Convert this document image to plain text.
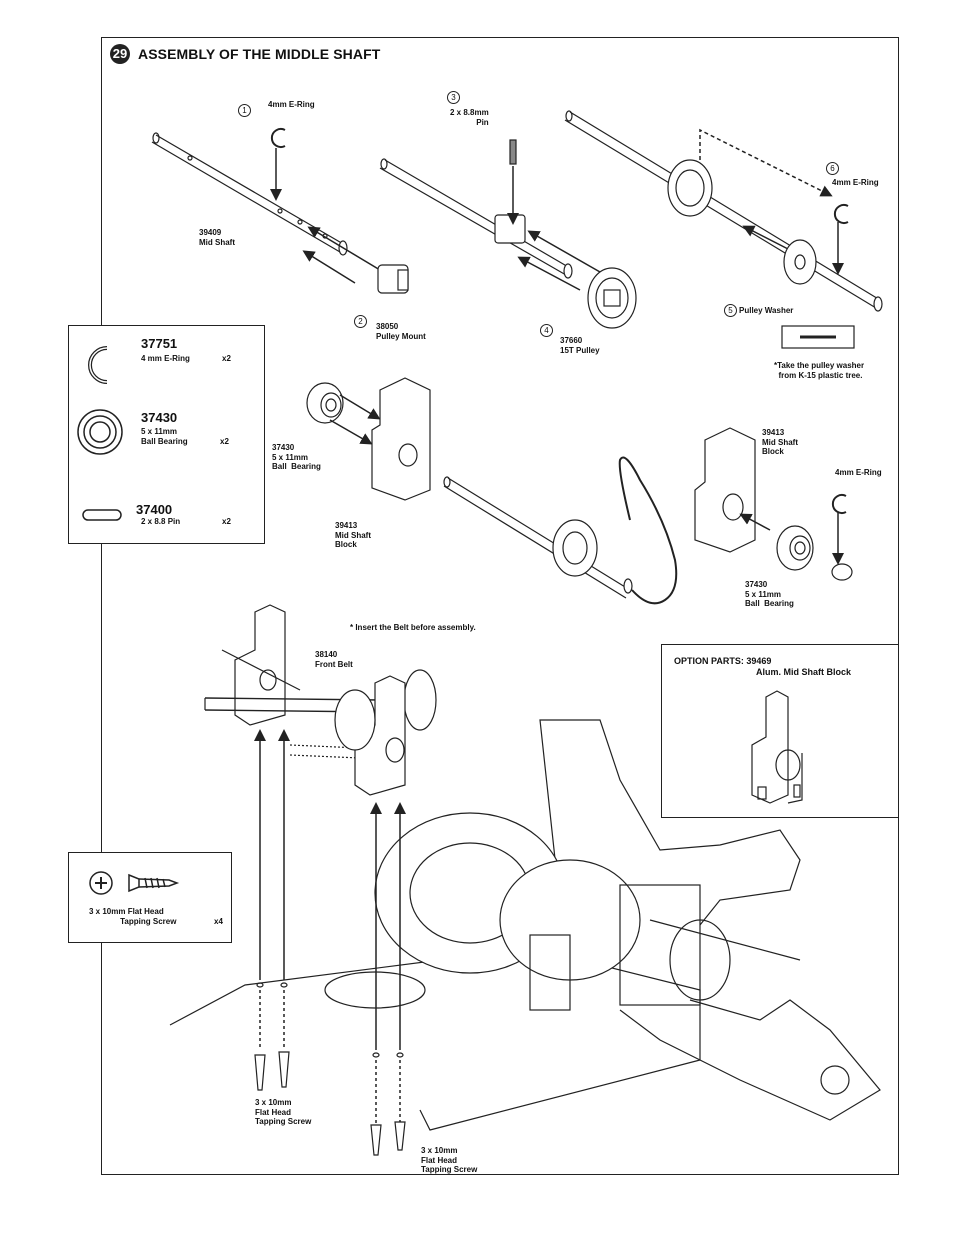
29 ASSEMBLY OF THE MIDDLE SHAFT
1
4mm E-Ring
2
38050
Pulley Mount
3
2 x 8.8mm
Pin
4
37660
15T Pulley
5 Pulley Washer
6
4mm E-Ring
39409
Mid Shaft
*Take the pulley washer
from K-15 plastic tree.
37430
5 x 11mm
Ball  Bearing
39413
Mid Shaft
Block
39413
Mid Shaft
Block
4mm E-Ring
37430
5 x 11mm
Ball  Bearing
* Insert the Belt before assembly.
38140
Front Belt
3 x 10mm
Flat Head
Tapping Screw
3 x 10mm
Flat Head
Tapping Screw
37751
4 mm E-Ring	x2
37430
5 x 11mm
Ball Bearing	x2
37400
2 x 8.8 Pin	x2
3 x 10mm Flat Head
Tapping Screw	x4
OPTION PARTS: 39469
Alum. Mid Shaft Block
